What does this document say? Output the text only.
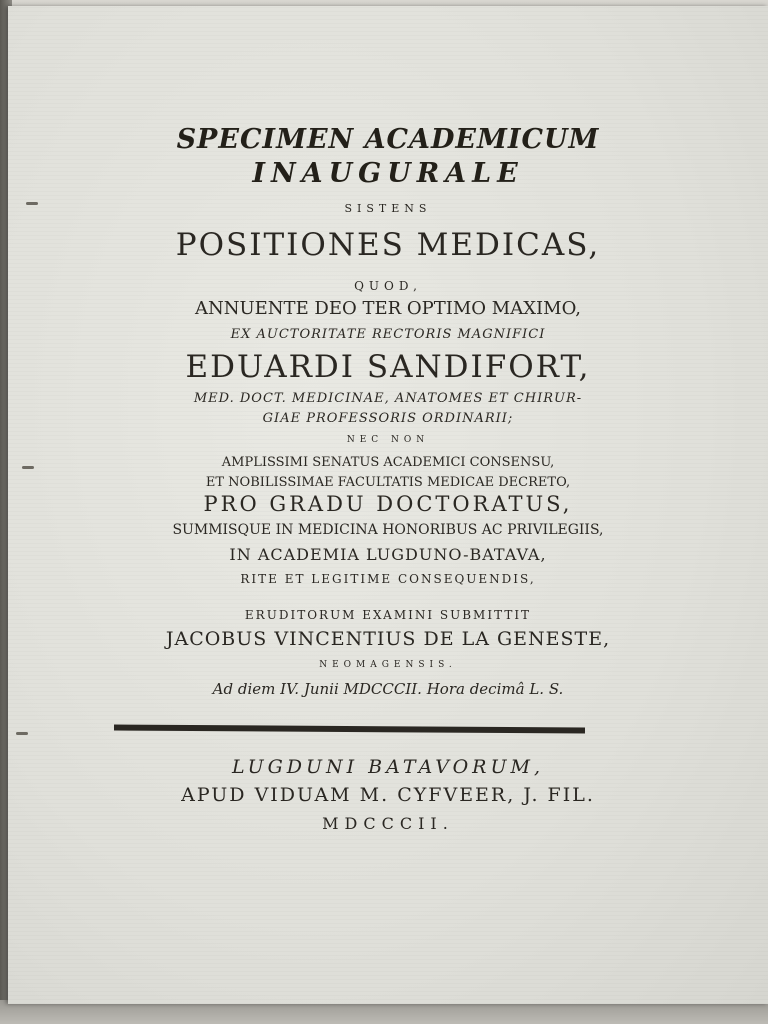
SPECIMEN ACADEMICUM
INAUGURALE
SISTENS
POSITIONES MEDICAS,
QUOD,
ANNUENTE DEO TER OPTIMO MAXIMO,
EX AUCTORITATE RECTORIS MAGNIFICI
EDUARDI SANDIFORT,
MED. DOCT. MEDICINAE, ANATOMES ET CHIRUR-
GIAE PROFESSORIS ORDINARII;
NEC NON
AMPLISSIMI SENATUS ACADEMICI CONSENSU,
ET NOBILISSIMAE FACULTATIS MEDICAE DECRETO,
PRO GRADU DOCTORATUS,
SUMMISQUE IN MEDICINA HONORIBUS AC PRIVILEGIIS,
IN ACADEMIA LUGDUNO-BATAVA,
RITE ET LEGITIME CONSEQUENDIS,
ERUDITORUM EXAMINI SUBMITTIT
JACOBUS VINCENTIUS DE LA GENESTE,
NEOMAGENSIS.
Ad diem IV. Junii MDCCCII. Hora decimâ L. S.
LUGDUNI BATAVORUM,
APUD VIDUAM M. CYFVEER, J. FIL.
MDCCCII.
